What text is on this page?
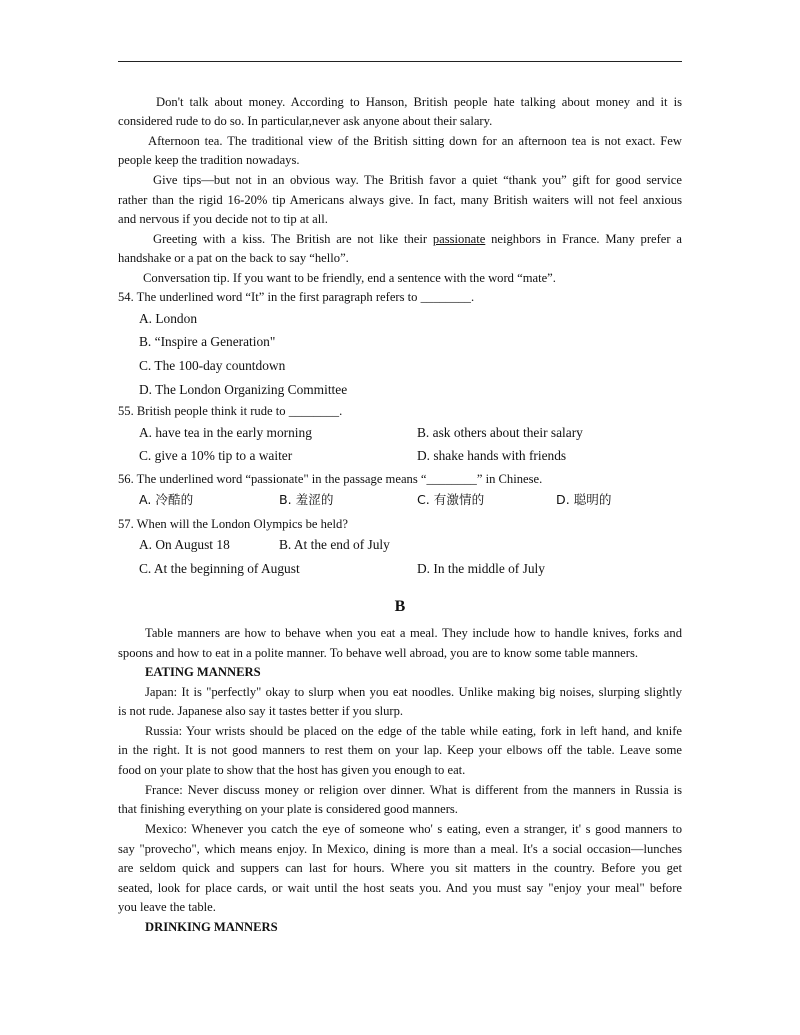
Don't talk about money. According to Hanson, British people hate talking about money and it is
considered rude to do so. In particular,never ask anyone about their salary.
Afternoon tea. The traditional view of the British sitting down for an afternoon tea is not exact. Few
people keep the tradition nowadays.
Give tips—but not in an obvious way. The British favor a quiet “thank you” gift for good service
rather than the rigid 16-20% tip Americans always give. In fact, many British waiters will not feel anxious
and nervous if you decide not to tip at all.
Greeting with a kiss. The British are not like their passionate neighbors in France. Many prefer a
handshake or a pat on the back to say “hello”.
Conversation tip. If you want to be friendly, end a sentence with the word “mate”.
54. The underlined word “It” in the first paragraph refers to ________.
A. London
B. “Inspire a Generation"
C. The 100-day countdown
D. The London Organizing Committee
55. British people think it rude to ________.
A. have tea in the early morning	B. ask others about their salary
C. give a 10% tip to a waiter	D. shake hands with friends
56. The underlined word “passionate" in the passage means “________” in Chinese.
A. 冷酷的	B. 羞涩的	C. 有激情的	D. 聪明的
57. When will the London Olympics be held?
A. On August 18	B. At the end of July
C. At the beginning of August	D. In the middle of July
B
Table manners are how to behave when you eat a meal. They include how to handle knives, forks and
spoons and how to eat in a polite manner. To behave well abroad, you are to know some table manners.
EATING MANNERS
Japan: It is "perfectly" okay to slurp when you eat noodles. Unlike making big noises, slurping slightly
is not rude. Japanese also say it tastes better if you slurp.
Russia: Your wrists should be placed on the edge of the table while eating, fork in left hand, and knife
in the right. It is not good manners to rest them on your lap. Keep your elbows off the table. Leave some
food on your plate to show that the host has given you enough to eat.
France: Never discuss money or religion over dinner. What is different from the manners in Russia is
that finishing everything on your plate is considered good manners.
Mexico: Whenever you catch the eye of someone who' s eating, even a stranger, it' s good manners to
say "provecho", which means enjoy. In Mexico, dining is more than a meal. It's a social occasion—lunches
are seldom quick and suppers can last for hours. Where you sit matters in the country. Before you get
seated, look for place cards, or wait until the host seats you. And you must say "enjoy your meal" before
you leave the table.
DRINKING MANNERS
